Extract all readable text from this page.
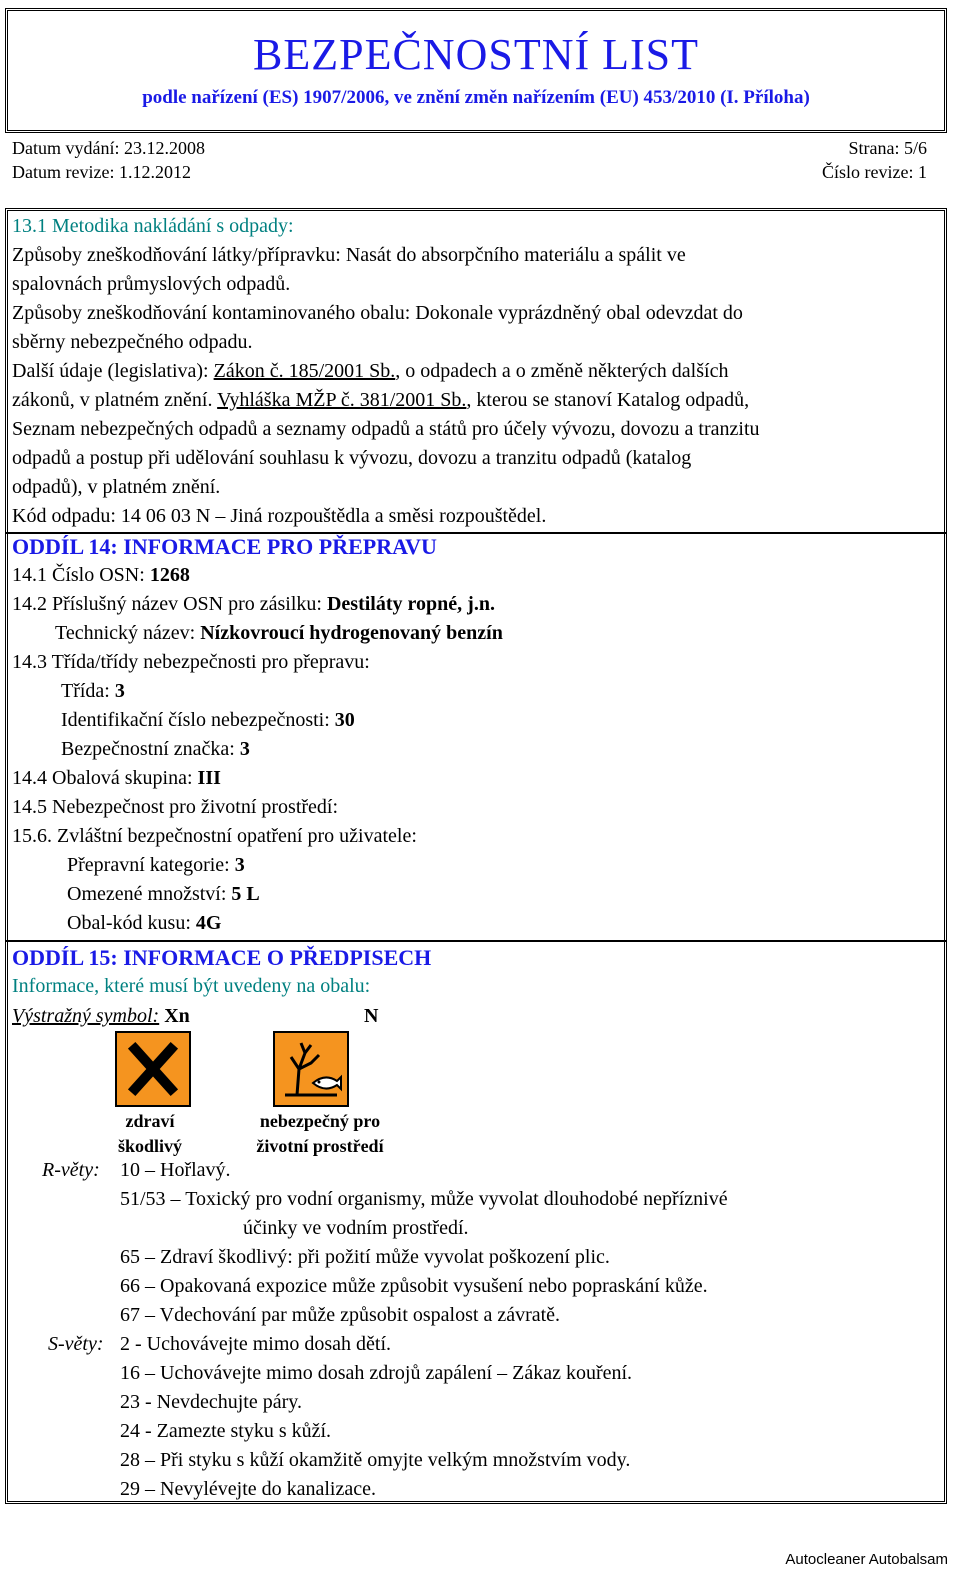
BEZPEČNOSTNÍ LIST
podle nařízení (ES) 1907/2006, ve znění změn nařízením (EU) 453/2010 (I. Příloha)
Datum vydání: 23.12.2008
Datum revize: 1.12.2012
Strana: 5/6
Číslo revize: 1
13.1 Metodika nakládání s odpady:
Způsoby zneškodňování látky/přípravku: Nasát do absorpčního materiálu a spálit ve
spalovnách průmyslových odpadů.
Způsoby zneškodňování kontaminovaného obalu: Dokonale vyprázdněný obal odevzdat do
sběrny nebezpečného odpadu.
Další údaje (legislativa): Zákon č. 185/2001 Sb., o odpadech a o změně některých dalších
zákonů, v platném znění. Vyhláška MŽP č. 381/2001 Sb., kterou se stanoví Katalog odpadů,
Seznam nebezpečných odpadů a seznamy odpadů a států pro účely vývozu, dovozu a tranzitu
odpadů a postup při udělování souhlasu k vývozu, dovozu a tranzitu odpadů (katalog
odpadů), v platném znění.
Kód odpadu: 14 06 03 N – Jiná rozpouštědla a směsi rozpouštědel.
ODDÍL 14: INFORMACE PRO PŘEPRAVU
14.1 Číslo OSN: 1268
14.2 Příslušný název OSN pro zásilku: Destiláty ropné, j.n.
Technický název: Nízkovroucí hydrogenovaný benzín
14.3 Třída/třídy nebezpečnosti pro přepravu:
Třída: 3
Identifikační číslo nebezpečnosti: 30
Bezpečnostní značka: 3
14.4 Obalová skupina: III
14.5 Nebezpečnost pro životní prostředí:
15.6. Zvláštní bezpečnostní opatření pro uživatele:
Přepravní kategorie: 3
Omezené množství: 5 L
Obal-kód kusu: 4G
ODDÍL 15: INFORMACE O PŘEDPISECH
Informace, které musí být uvedeny na obalu:
Výstražný symbol: Xn	N
zdraví
škodlivý
nebezpečný pro
životní prostředí
R-věty: 10 – Hořlavý.
51/53 – Toxický pro vodní organismy, může vyvolat dlouhodobé nepříznivé
účinky ve vodním prostředí.
65 – Zdraví škodlivý: při požití může vyvolat poškození plic.
66 – Opakovaná expozice může způsobit vysušení nebo popraskání kůže.
67 – Vdechování par může způsobit ospalost a závratě.
S-věty: 2 - Uchovávejte mimo dosah dětí.
16 – Uchovávejte mimo dosah zdrojů zapálení – Zákaz kouření.
23 - Nevdechujte páry.
24 - Zamezte styku s kůží.
28 – Při styku s kůží okamžitě omyjte velkým množstvím vody.
29 – Nevylévejte do kanalizace.
Autocleaner Autobalsam
